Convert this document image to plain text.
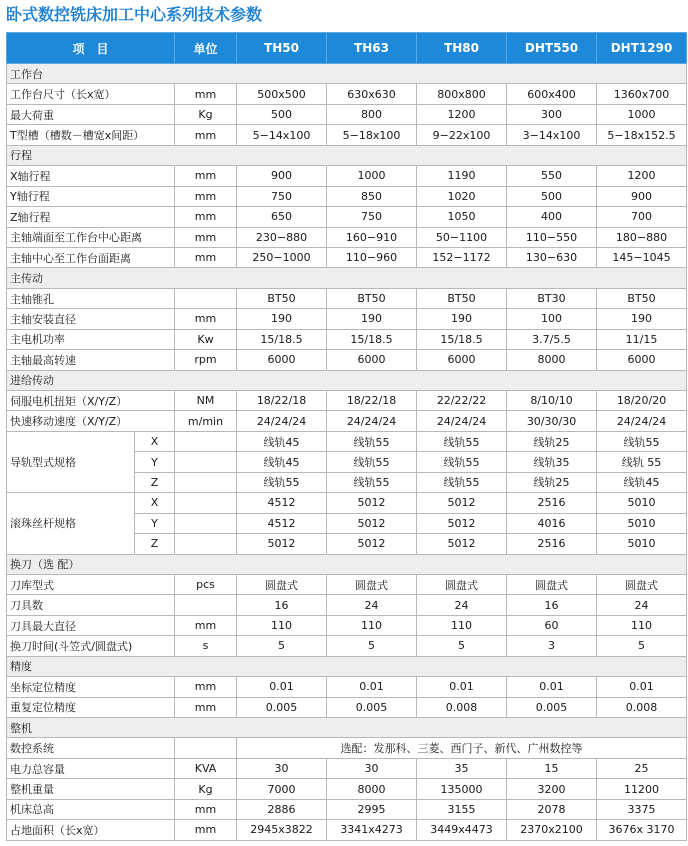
卧式数控铣床加工中心系列技术参数
项　目		单位	TH50	TH63	TH80	DHT550	DHT1290
工作台							
工作台尺寸（长x宽）		mm	500x500	630x630	800x800	600x400	1360x700
最大荷重		Kg	500	800	1200	300	1000
T型槽（槽数－槽宽x间距）		mm	5−14x100	5−18x100	9−22x100	3−14x100	5−18x152.5
行程							
X轴行程		mm	900	1000	1190	550	1200
Y轴行程		mm	750	850	1020	500	900
Z轴行程		mm	650	750	1050	400	700
主轴端面至工作台中心距离		mm	230−880	160−910	50−1100	110−550	180−880
主轴中心至工作台面距离		mm	250−1000	110−960	152−1172	130−630	145−1045
主传动							
主轴锥孔			BT50	BT50	BT50	BT30	BT50
主轴安装直径		mm	190	190	190	100	190
主电机功率		Kw	15/18.5	15/18.5	15/18.5	3.7/5.5	11/15
主轴最高转速		rpm	6000	6000	6000	8000	6000
进给传动							
伺服电机扭矩（X/Y/Z）		NM	18/22/18	18/22/18	22/22/22	8/10/10	18/20/20
快速移动速度（X/Y/Z）		m/min	24/24/24	24/24/24	24/24/24	30/30/30	24/24/24
导轨型式规格	X		线轨45	线轨55	线轨55	线轨25	线轨55
	Y		线轨45	线轨55	线轨55	线轨35	线轨 55
	Z		线轨55	线轨55	线轨55	线轨25	线轨45
滚珠丝杆规格	X		4512	5012	5012	2516	5010
	Y		4512	5012	5012	4016	5010
	Z		5012	5012	5012	2516	5010
换刀（选 配）							
刀库型式		pcs	圆盘式	圆盘式	圆盘式	圆盘式	圆盘式
刀具数			16	24	24	16	24
刀具最大直径		mm	110	110	110	60	110
换刀时间(斗笠式/圆盘式)		s	5	5	5	3	5
精度							
坐标定位精度		mm	0.01	0.01	0.01	0.01	0.01
重复定位精度		mm	0.005	0.005	0.008	0.005	0.008
整机							
数控系统			选配：发那科、三菱、西门子、新代、广州数控等				
电力总容量		KVA	30	30	35	15	25
整机重量		Kg	7000	8000	135000	3200	11200
机床总高		mm	2886	2995	3155	2078	3375
占地面积（长x宽）		mm	2945x3822	3341x4273	3449x4473	2370x2100	3676x 3170
